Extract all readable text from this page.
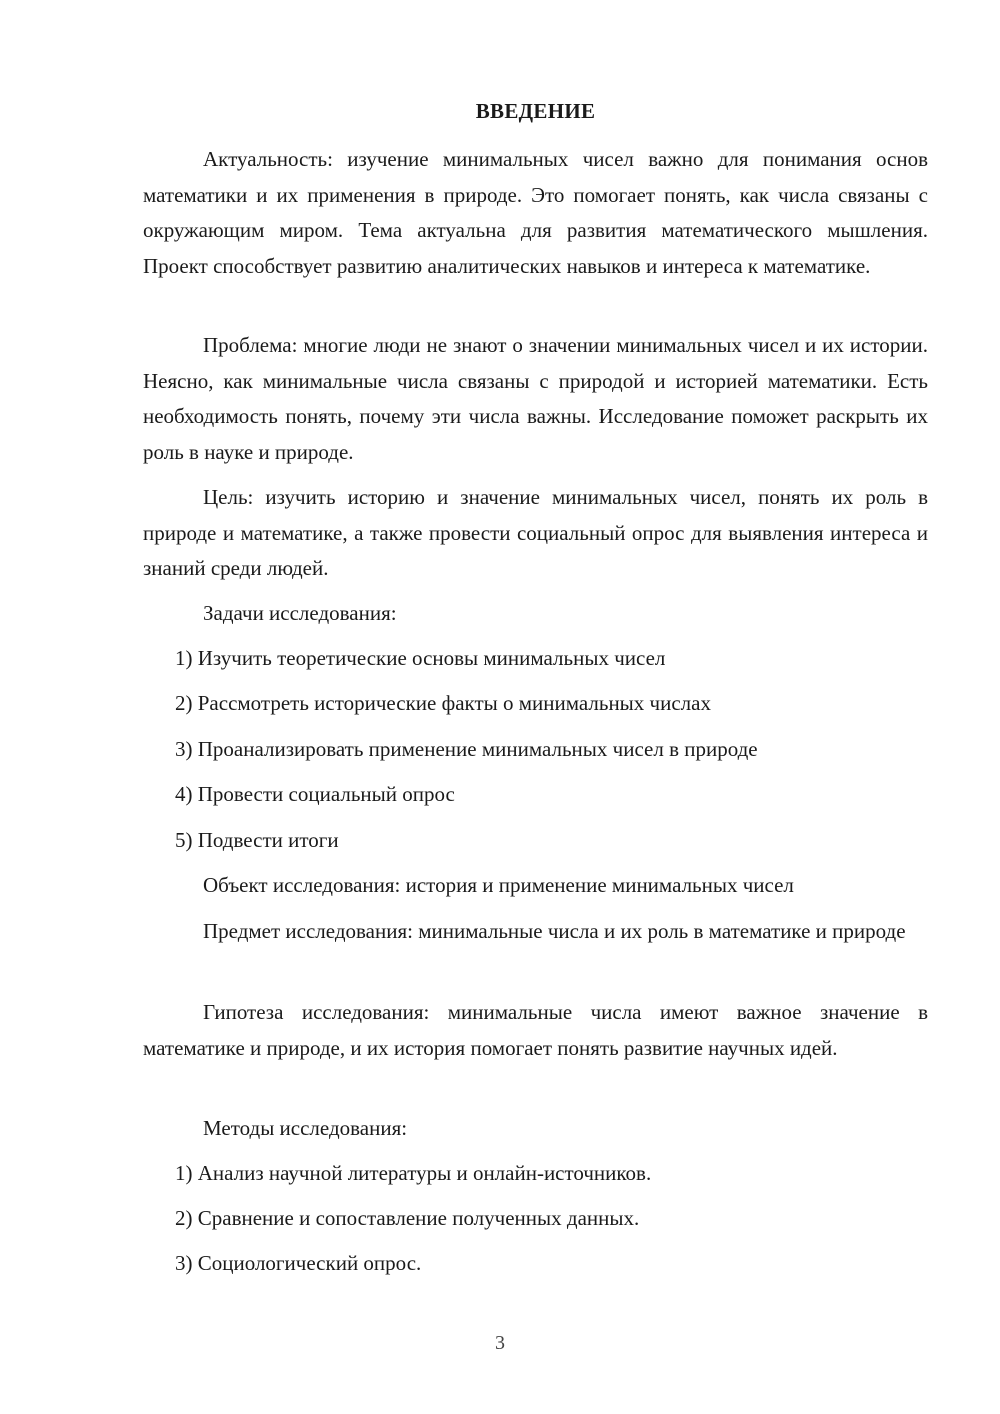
ВВЕДЕНИЕ
Актуальность: изучение минимальных чисел важно для понимания основ математики и их применения в природе. Это помогает понять, как числа связаны с окружающим миром. Тема актуальна для развития математического мышления. Проект способствует развитию аналитических навыков и интереса к математике.
Проблема: многие люди не знают о значении минимальных чисел и их истории. Неясно, как минимальные числа связаны с природой и историей математики. Есть необходимость понять, почему эти числа важны. Исследование поможет раскрыть их роль в науке и природе.
Цель: изучить историю и значение минимальных чисел, понять их роль в природе и математике, а также провести социальный опрос для выявления интереса и знаний среди людей.
Задачи исследования:
1) Изучить теоретические основы минимальных чисел
2) Рассмотреть исторические факты о минимальных числах
3) Проанализировать применение минимальных чисел в природе
4) Провести социальный опрос
5) Подвести итоги
Объект исследования: история и применение минимальных чисел
Предмет исследования: минимальные числа и их роль в математике и природе
Гипотеза исследования: минимальные числа имеют важное значение в математике и природе, и их история помогает понять развитие научных идей.
Методы исследования:
1) Анализ научной литературы и онлайн-источников.
2) Сравнение и сопоставление полученных данных.
3) Социологический опрос.
3
